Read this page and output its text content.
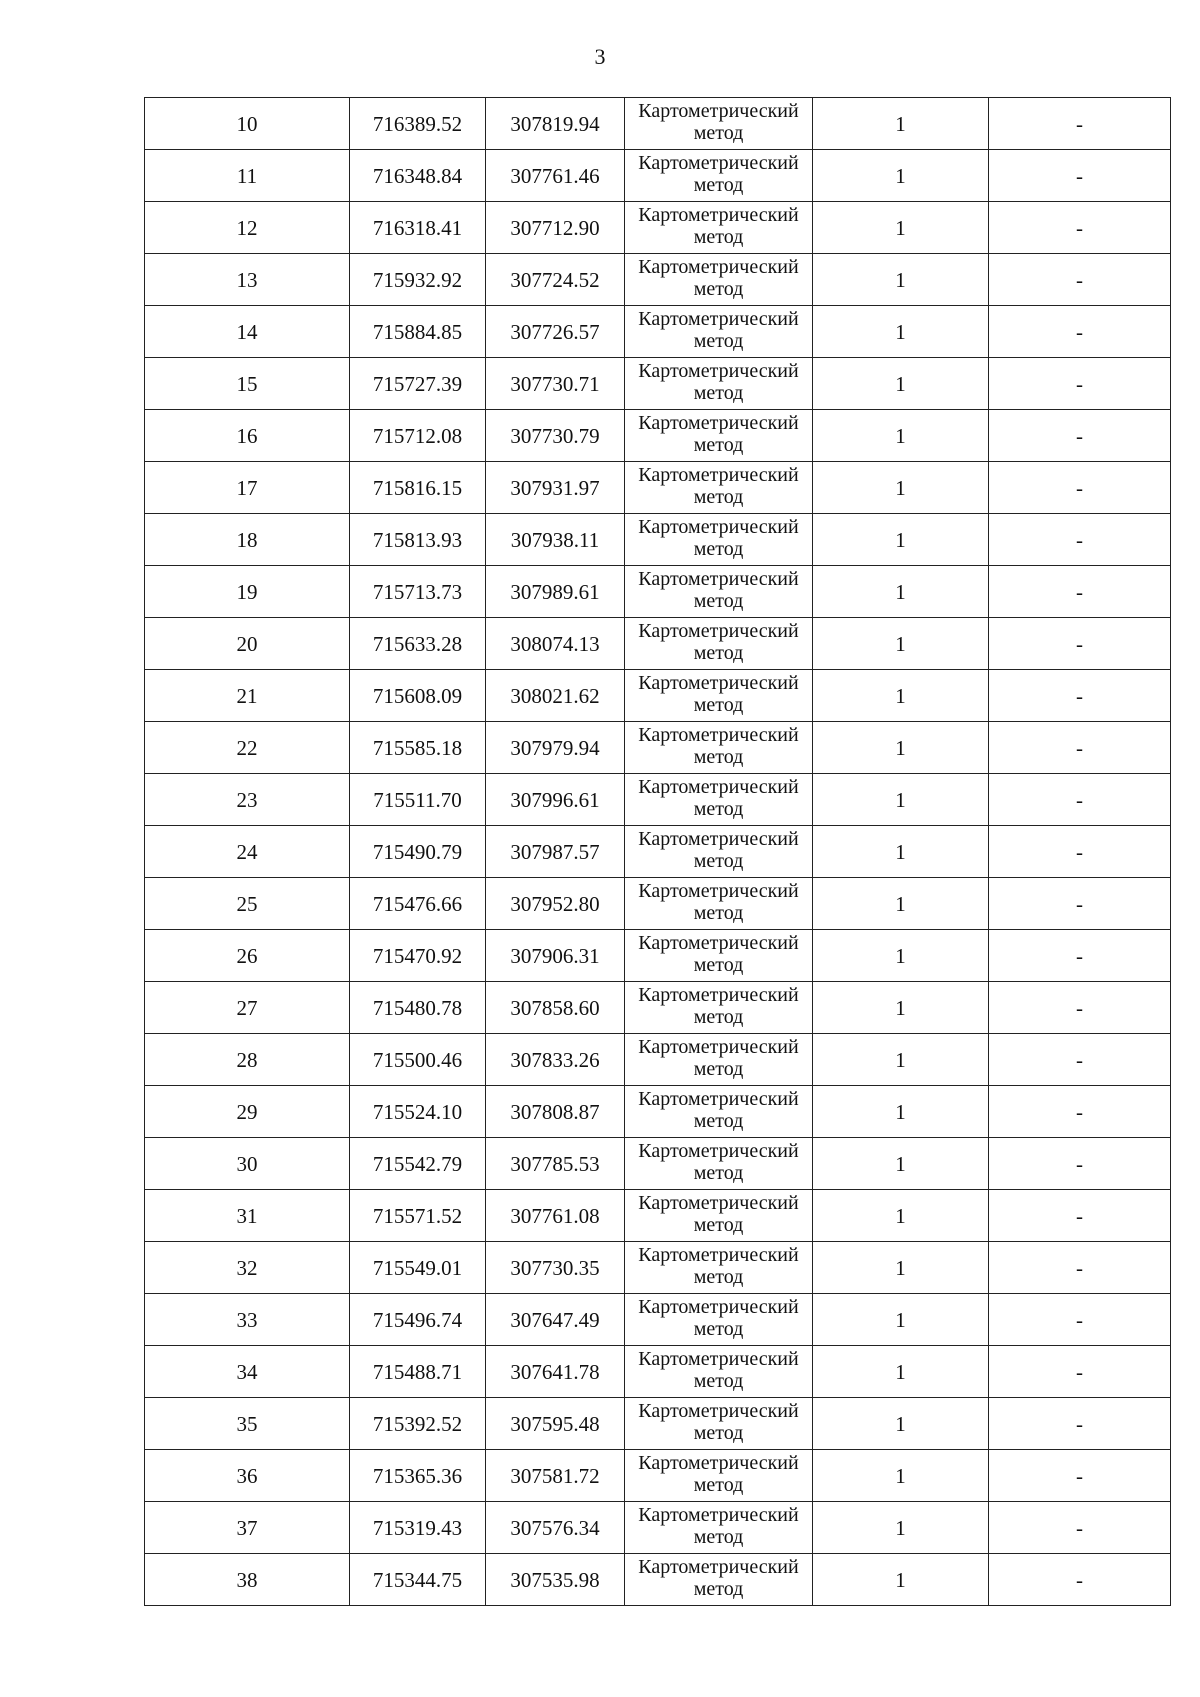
3
10	716389.52	307819.94	Картометрический
метод	1	-
11	716348.84	307761.46	Картометрический
метод	1	-
12	716318.41	307712.90	Картометрический
метод	1	-
13	715932.92	307724.52	Картометрический
метод	1	-
14	715884.85	307726.57	Картометрический
метод	1	-
15	715727.39	307730.71	Картометрический
метод	1	-
16	715712.08	307730.79	Картометрический
метод	1	-
17	715816.15	307931.97	Картометрический
метод	1	-
18	715813.93	307938.11	Картометрический
метод	1	-
19	715713.73	307989.61	Картометрический
метод	1	-
20	715633.28	308074.13	Картометрический
метод	1	-
21	715608.09	308021.62	Картометрический
метод	1	-
22	715585.18	307979.94	Картометрический
метод	1	-
23	715511.70	307996.61	Картометрический
метод	1	-
24	715490.79	307987.57	Картометрический
метод	1	-
25	715476.66	307952.80	Картометрический
метод	1	-
26	715470.92	307906.31	Картометрический
метод	1	-
27	715480.78	307858.60	Картометрический
метод	1	-
28	715500.46	307833.26	Картометрический
метод	1	-
29	715524.10	307808.87	Картометрический
метод	1	-
30	715542.79	307785.53	Картометрический
метод	1	-
31	715571.52	307761.08	Картометрический
метод	1	-
32	715549.01	307730.35	Картометрический
метод	1	-
33	715496.74	307647.49	Картометрический
метод	1	-
34	715488.71	307641.78	Картометрический
метод	1	-
35	715392.52	307595.48	Картометрический
метод	1	-
36	715365.36	307581.72	Картометрический
метод	1	-
37	715319.43	307576.34	Картометрический
метод	1	-
38	715344.75	307535.98	Картометрический
метод	1	-
